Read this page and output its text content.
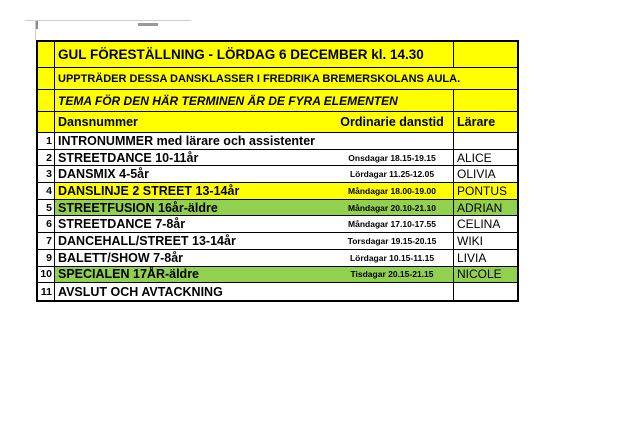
GUL FÖRESTÄLLNING - LÖRDAG 6 DECEMBER kl. 14.30
UPPTRÄDER DESSA DANSKLASSER I FREDRIKA BREMERSKOLANS AULA.
TEMA FÖR DEN HÄR TERMINEN ÄR DE FYRA ELEMENTEN
Dansnummer	Ordinarie danstid	Lärare
1 INTRONUMMER med lärare och assistenter
2 STREETDANCE 10-11år	Onsdagar 18.15-19.15	ALICE
3 DANSMIX 4-5år	Lördagar 11.25-12.05	OLIVIA
4 DANSLINJE 2 STREET 13-14år	Måndagar 18.00-19.00	PONTUS
5 STREETFUSION 16år-äldre	Måndagar 20.10-21.10	ADRIAN
6 STREETDANCE 7-8år	Måndagar 17.10-17.55	CELINA
7 DANCEHALL/STREET 13-14år	Torsdagar 19.15-20.15	WIKI
9 BALETT/SHOW 7-8år	Lördagar 10.15-11.15	LIVIA
10 SPECIALEN 17ÅR-äldre	Tisdagar 20.15-21.15	NICOLE
11 AVSLUT OCH AVTACKNING
